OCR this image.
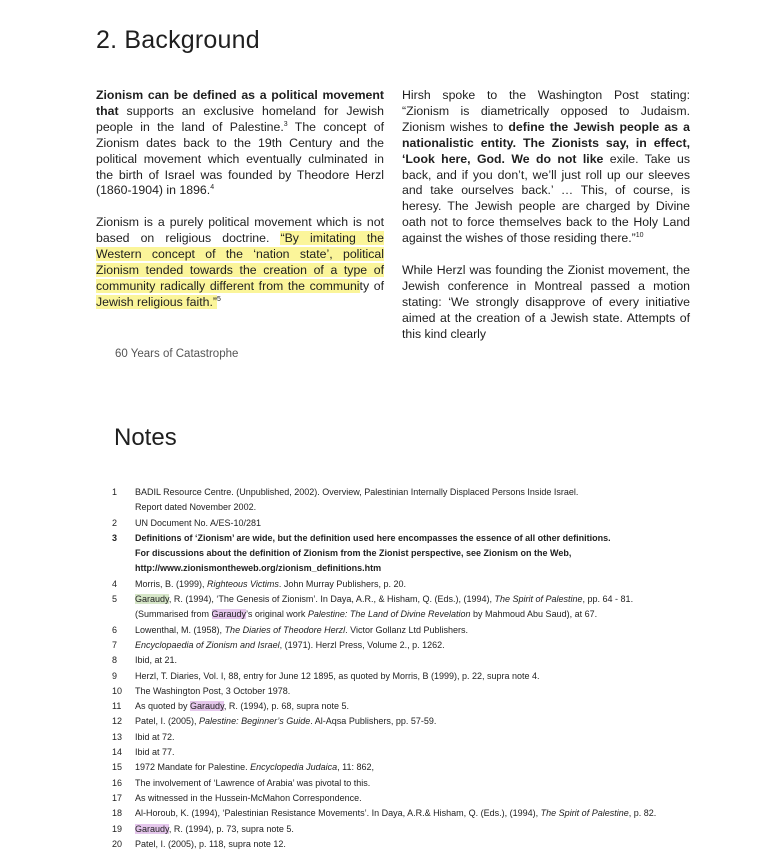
2. Background

Zionism can be defined as a political movement that supports an exclusive homeland for Jewish people in the land of Palestine.$^3$ The concept of Zionism dates back to the 19th Century and the political movement which eventually culminated in the birth of Israel was founded by Theodore Herzl (1860-1904) in 1896.$^4$

Zionism is a purely political movement which is not based on religious doctrine. “By imitating the Western concept of the ‘nation state’, political Zionism tended towards the creation of a type of community radically different from the community of Jewish religious faith.”$^5$

Hirsh spoke to the Washington Post stating: “Zionism is diametrically opposed to Judaism. Zionism wishes to define the Jewish people as a nationalistic entity. The Zionists say, in effect, ‘Look here, God. We do not like exile. Take us back, and if you don’t, we’ll just roll up our sleeves and take ourselves back.’ … This, of course, is heresy. The Jewish people are charged by Divine oath not to force themselves back to the Holy Land against the wishes of those residing there.”$^{10}$

While Herzl was founding the Zionist movement, the Jewish conference in Montreal passed a motion stating: ‘We strongly disapprove of every initiative aimed at the creation of a Jewish state. Attempts of this kind clearly

60 Years of Catastrophe
Notes
1	BADIL Resource Centre. (Unpublished, 2002). Overview, Palestinian Internally Displaced Persons Inside Israel.
Report dated November 2002.
2	UN Document No. A/ES-10/281
3	Definitions of ‘Zionism’ are wide, but the definition used here encompasses the essence of all other definitions.
For discussions about the definition of Zionism from the Zionist perspective, see Zionism on the Web,
http://www.zionismontheweb.org/zionism_definitions.htm
4	Morris, B. (1999), Righteous Victims. John Murray Publishers, p. 20.
5	Garaudy, R. (1994), ‘The Genesis of Zionism’. In Daya, A.R., & Hisham, Q. (Eds.), (1994), The Spirit of Palestine, pp. 64 - 81.
(Summarised from Garaudy’s original work Palestine: The Land of Divine Revelation by Mahmoud Abu Saud), at 67.
6	Lowenthal, M. (1958), The Diaries of Theodore Herzl. Victor Gollanz Ltd Publishers.
7	Encyclopaedia of Zionism and Israel, (1971). Herzl Press, Volume 2., p. 1262.
8	Ibid, at 21.
9	Herzl, T. Diaries, Vol. I, 88, entry for June 12 1895, as quoted by Morris, B (1999), p. 22, supra note 4.
10	The Washington Post, 3 October 1978.
11	As quoted by Garaudy, R. (1994), p. 68, supra note 5.
12	Patel, I. (2005), Palestine: Beginner’s Guide. Al-Aqsa Publishers, pp. 57-59.
13	Ibid at 72.
14	Ibid at 77.
15	1972 Mandate for Palestine. Encyclopedia Judaica, 11: 862,
16	The involvement of ‘Lawrence of Arabia’ was pivotal to this.
17	As witnessed in the Hussein-McMahon Correspondence.
18	Al-Horoub, K. (1994), ‘Palestinian Resistance Movements’. In Daya, A.R.& Hisham, Q. (Eds.), (1994), The Spirit of Palestine, p. 82.
19	Garaudy, R. (1994), p. 73, supra note 5.
20	Patel, I. (2005), p. 118, supra note 12.
